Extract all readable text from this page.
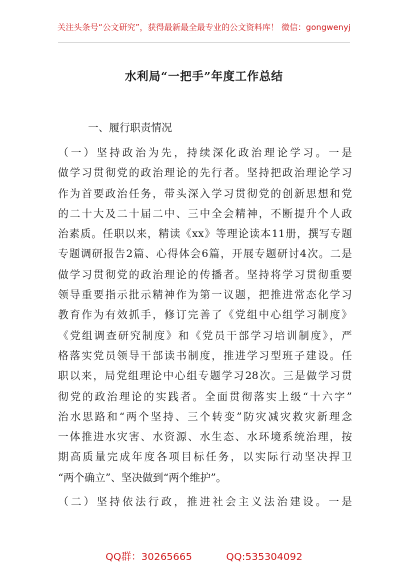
关注头条号“公文研究”，获得最新最全最专业的公文资料库！ 微信：gongwenyj
水利局“一把手”年度工作总结
一、履行职责情况
（一）坚持政治为先，持续深化政治理论学习。一是
做学习贯彻党的政治理论的先行者。坚持把政治理论学习
作为首要政治任务，带头深入学习贯彻党的创新思想和党
的二十大及二十届二中、三中全会精神，不断提升个人政
治素质。任职以来，精读《xx》等理论读本11册，撰写专题
专题调研报告2篇、心得体会6篇，开展专题研讨4次。二是
做学习贯彻党的政治理论的传播者。坚持将学习贯彻重要
领导重要指示批示精神作为第一议题，把推进常态化学习
教育作为有效抓手，修订完善了《党组中心组学习制度》
《党组调查研究制度》和《党员干部学习培训制度》，严
格落实党员领导干部读书制度，推进学习型班子建设。任
职以来，局党组理论中心组专题学习28次。三是做学习贯
彻党的政治理论的实践者。全面贯彻落实上级“十六字”
治水思路和“两个坚持、三个转变”防灾减灾救灾新理念
一体推进水灾害、水资源、水生态、水环境系统治理，按
期高质量完成年度各项目标任务，以实际行动坚决捍卫
“两个确立”、坚决做到“两个维护”。
（二）坚持依法行政，推进社会主义法治建设。一是
QQ群：30265665	QQ:535304092
